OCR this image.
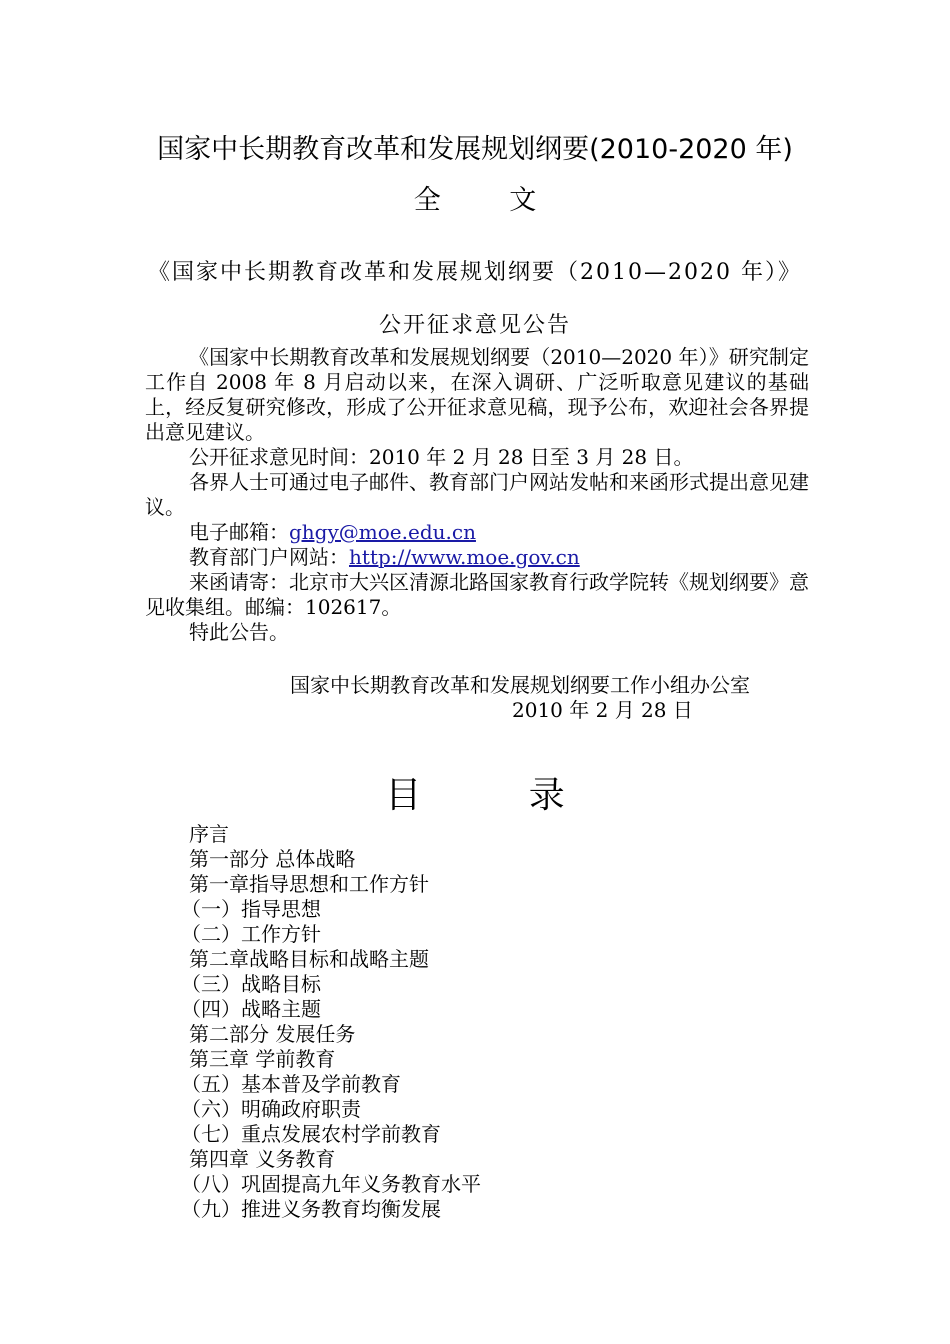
国家中长期教育改革和发展规划纲要(2010-2020 年)
全 文
《国家中长期教育改革和发展规划纲要（2010—2020 年）》
公开征求意见公告

《国家中长期教育改革和发展规划纲要（2010—2020 年）》研究制定工作自 2008 年 8 月启动以来，在深入调研、广泛听取意见建议的基础上，经反复研究修改，形成了公开征求意见稿，现予公布，欢迎社会各界提出意见建议。

公开征求意见时间：2010 年 2 月 28 日至 3 月 28 日。

各界人士可通过电子邮件、教育部门户网站发帖和来函形式提出意见建议。

电子邮箱：ghgy@moe.edu.cn

教育部门户网站：http://www.moe.gov.cn

来函请寄：北京市大兴区清源北路国家教育行政学院转《规划纲要》意见收集组。邮编：102617。

特此公告。

国家中长期教育改革和发展规划纲要工作小组办公室
2010 年 2 月 28 日
目 录
序言
第一部分 总体战略
第一章指导思想和工作方针
（一）指导思想
（二）工作方针
第二章战略目标和战略主题
（三）战略目标
（四）战略主题
第二部分 发展任务
第三章 学前教育
（五）基本普及学前教育
（六）明确政府职责
（七）重点发展农村学前教育
第四章 义务教育
（八）巩固提高九年义务教育水平
（九）推进义务教育均衡发展
